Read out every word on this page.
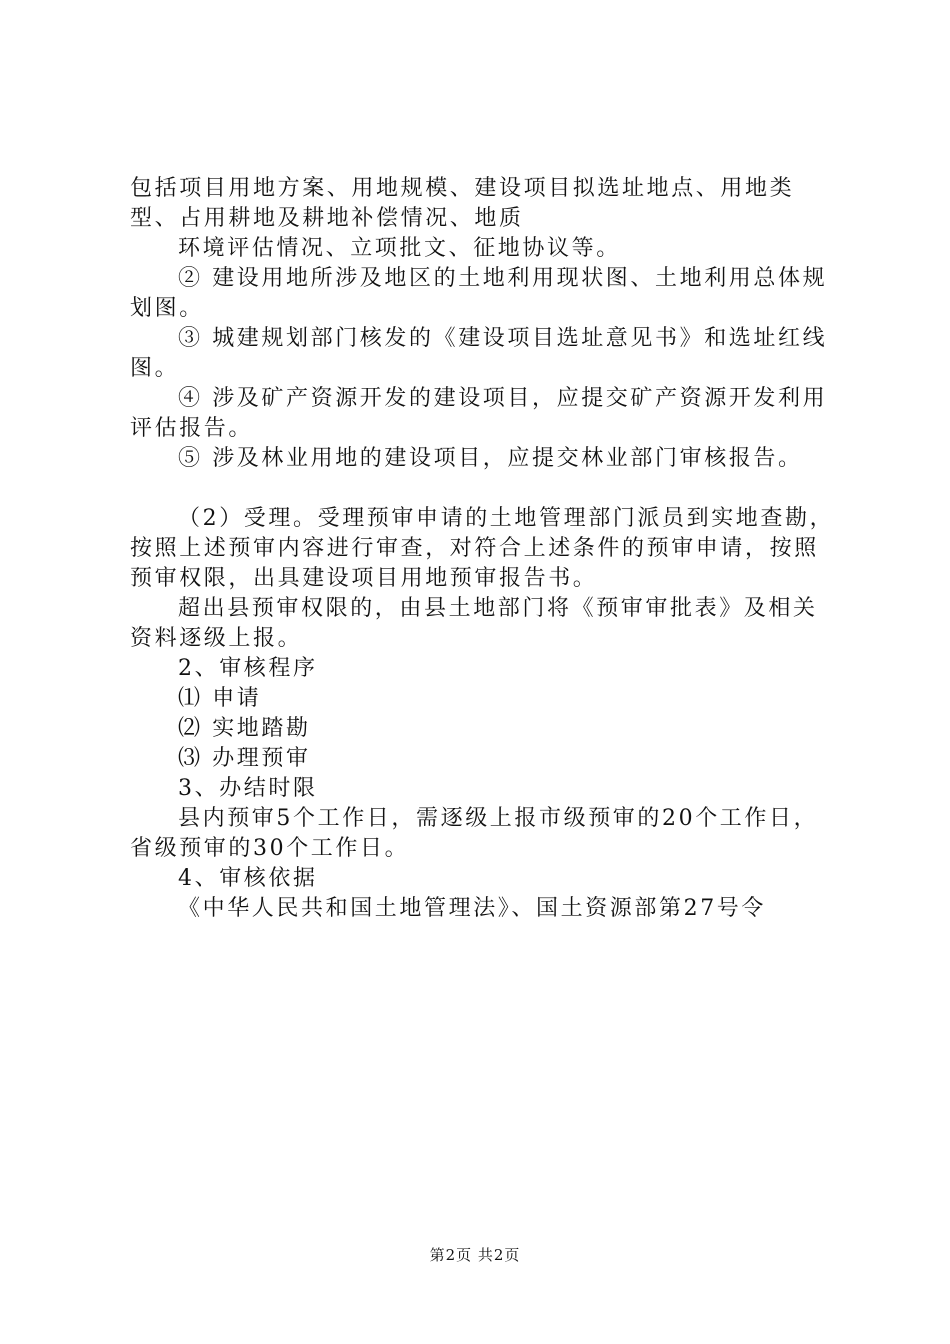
包括项目用地方案、用地规模、建设项目拟选址地点、用地类型、占用耕地及耕地补偿情况、地质

环境评估情况、立项批文、征地协议等。

② 建设用地所涉及地区的土地利用现状图、土地利用总体规划图。

③ 城建规划部门核发的《建设项目选址意见书》和选址红线图。

④ 涉及矿产资源开发的建设项目，应提交矿产资源开发利用评估报告。

⑤ 涉及林业用地的建设项目，应提交林业部门审核报告。

（2）受理。受理预审申请的土地管理部门派员到实地查勘，按照上述预审内容进行审查，对符合上述条件的预审申请，按照预审权限，出具建设项目用地预审报告书。

超出县预审权限的，由县土地部门将《预审审批表》及相关资料逐级上报。

2、审核程序

⑴ 申请

⑵ 实地踏勘

⑶ 办理预审

3、办结时限

县内预审5个工作日，需逐级上报市级预审的20个工作日，省级预审的30个工作日。

4、审核依据

《中华人民共和国土地管理法》、国土资源部第27号令

第2页 共2页
